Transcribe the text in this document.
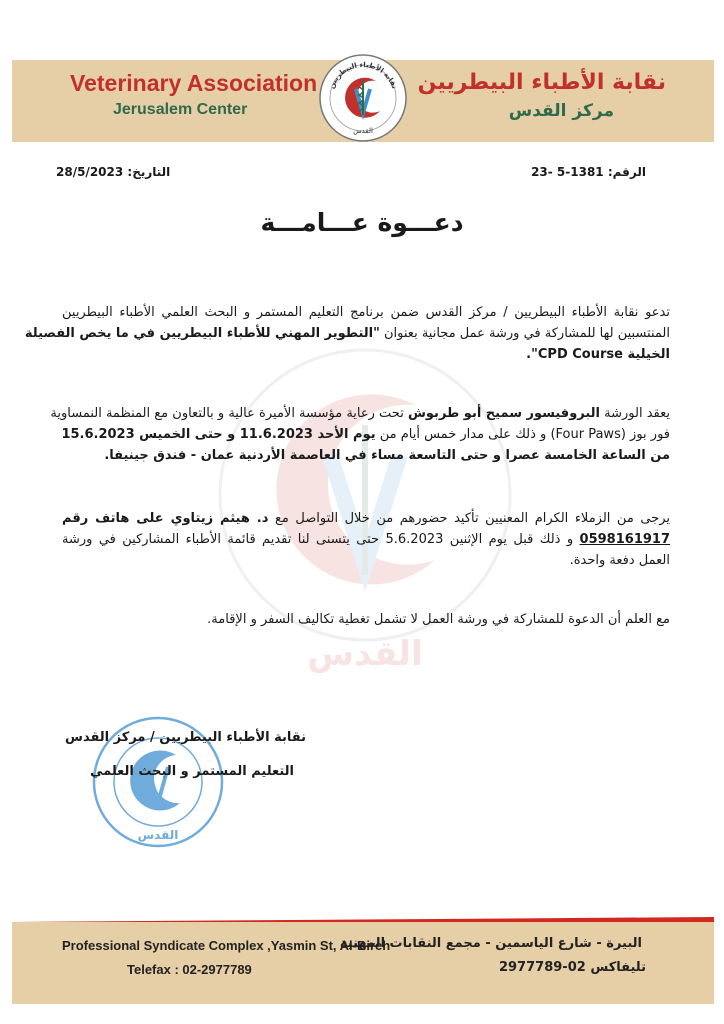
Veterinary Association
Jerusalem Center
نقابة الأطباء البيطريين
مركز القدس
نقابة الأطباء البيطريين
القدس
التاريخ: 28/5/2023	الرقم: 23- 5-1381
دعـــوة عـــامـــة
القدس
تدعو نقابة الأطباء البيطريين / مركز القدس ضمن برنامج التعليم المستمر و البحث العلمي الأطباء البيطريين
المنتسبين لها للمشاركة في ورشة عمل مجانية بعنوان "التطوير المهني للأطباء البيطريين في ما يخص الفصيلة
الخيلية CPD Course".
يعقد الورشة البروفيسور سميح أبو طربوش تحت رعاية مؤسسة الأميرة عالية و بالتعاون مع المنظمة النمساوية
فور بوز (Four Paws) و ذلك على مدار خمس أيام من يوم الأحد 11.6.2023 و حتى الخميس 15.6.2023
من الساعة الخامسة عصرا و حتى التاسعة مساء في العاصمة الأردنية عمان - فندق جينيفا.
يرجى من الزملاء الكرام المعنيين تأكيد حضورهم من خلال التواصل مع د. هيثم زيتاوي على هاتف رقم
0598161917 و ذلك قبل يوم الإثنين 5.6.2023 حتى يتسنى لنا تقديم قائمة الأطباء المشاركين في ورشة
العمل دفعة واحدة.
مع العلم أن الدعوة للمشاركة في ورشة العمل لا تشمل تغطية تكاليف السفر و الإقامة.
القدس
نقابة الأطباء البيطريين / مركز القدس
التعليم المستمر و البحث العلمي
Professional Syndicate Complex ,Yasmin St, Al-Bireh
Telefax : 02-2977789
البيرة - شارع الياسمين - مجمع النقابات المهنية
تليفاكس 02-2977789
